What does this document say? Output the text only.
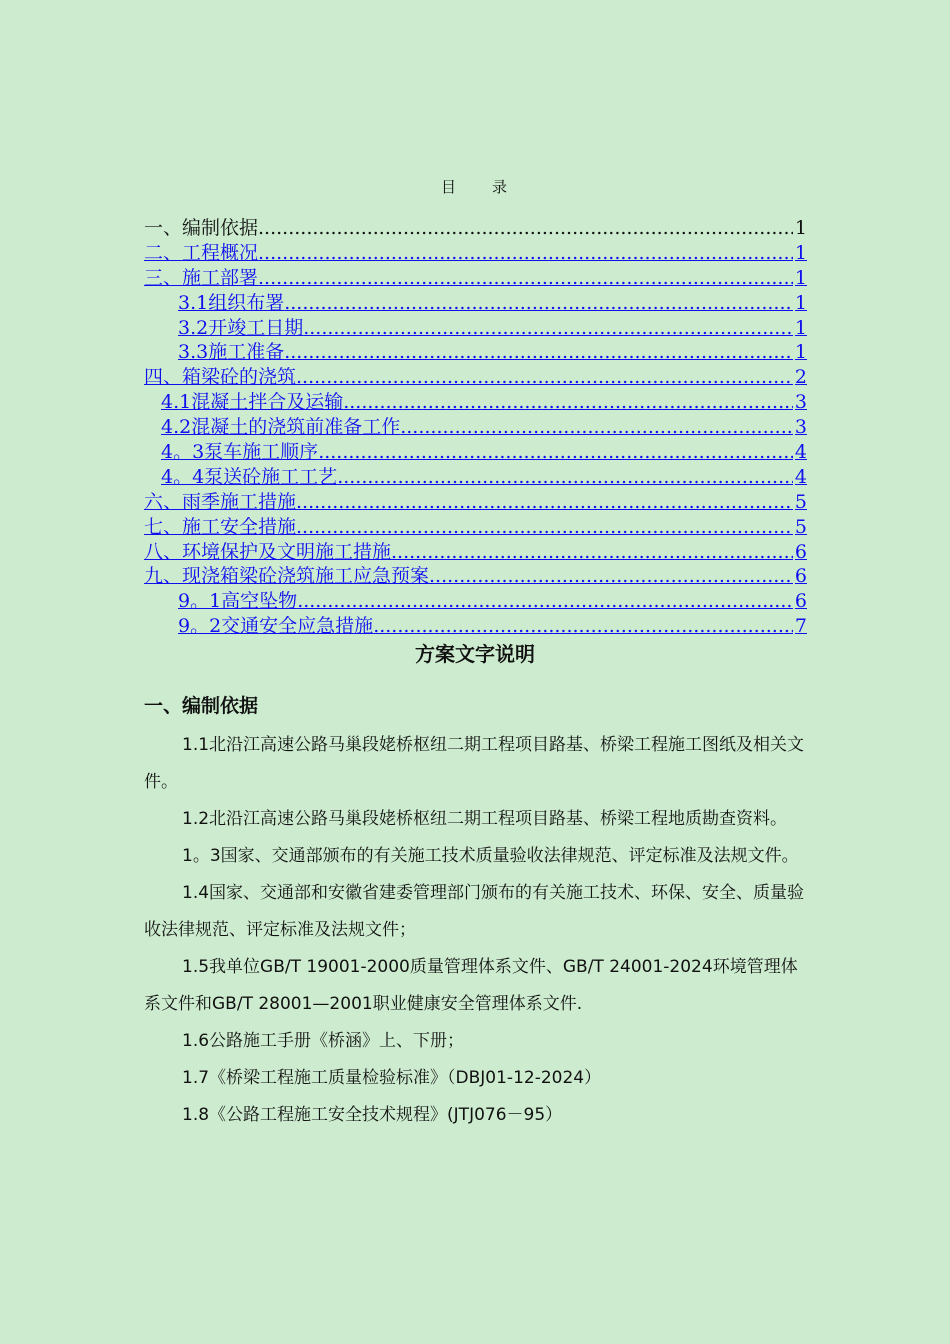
目 录
一、编制依据 .....	1
二、工程概况 .....	1
三、施工部署 .....	1
3.1组织布署 .....	1
3.2开竣工日期 .....	1
3.3施工准备 .....	1
四、箱梁砼的浇筑 .....	2
4.1混凝土拌合及运输 .....	3
4.2混凝土的浇筑前准备工作 .....	3
4。3泵车施工顺序 .....	4
4。4泵送砼施工工艺 .....	4
六、雨季施工措施 .....	5
七、施工安全措施 .....	5
八、环境保护及文明施工措施 .....	6
九、现浇箱梁砼浇筑施工应急预案 .....	6
9。1高空坠物 .....	6
9。2交通安全应急措施 .....	7
方案文字说明
一、编制依据

1.1北沿江高速公路马巢段姥桥枢纽二期工程项目路基、桥梁工程施工图纸及相关文件。

1.2北沿江高速公路马巢段姥桥枢纽二期工程项目路基、桥梁工程地质勘查资料。

1。3国家、交通部颁布的有关施工技术质量验收法律规范、评定标准及法规文件。

1.4国家、交通部和安徽省建委管理部门颁布的有关施工技术、环保、安全、质量验收法律规范、评定标准及法规文件；

1.5我单位GB/T 19001-2000质量管理体系文件、GB/T 24001-2024环境管理体系文件和GB/T 28001—2001职业健康安全管理体系文件.

1.6公路施工手册《桥涵》上、下册；

1.7《桥梁工程施工质量检验标准》（DBJ01-12-2024）

1.8《公路工程施工安全技术规程》(JTJ076－95）
